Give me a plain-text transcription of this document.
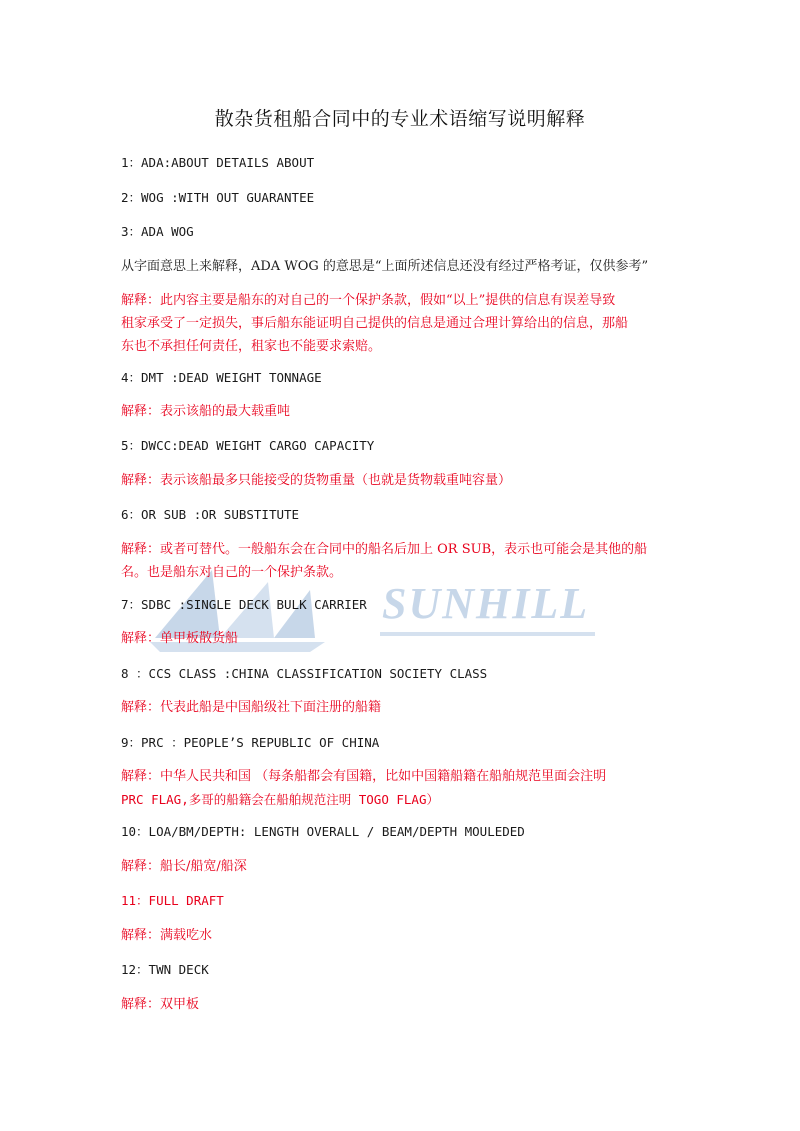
SUNHILL
散杂货租船合同中的专业术语缩写说明解释
1：ADA:ABOUT DETAILS ABOUT
2：WOG :WITH OUT GUARANTEE
3：ADA WOG
从字面意思上来解释，ADA WOG 的意思是“上面所述信息还没有经过严格考证，仅供参考”
解释：此内容主要是船东的对自己的一个保护条款，假如“以上”提供的信息有误差导致
租家承受了一定损失，事后船东能证明自己提供的信息是通过合理计算给出的信息，那船
东也不承担任何责任，租家也不能要求索赔。
4：DMT :DEAD WEIGHT TONNAGE
解释：表示该船的最大载重吨
5：DWCC:DEAD WEIGHT CARGO CAPACITY
解释：表示该船最多只能接受的货物重量（也就是货物载重吨容量）
6：OR SUB :OR SUBSTITUTE
解释：或者可替代。一般船东会在合同中的船名后加上 OR SUB，表示也可能会是其他的船
名。也是船东对自己的一个保护条款。
7：SDBC :SINGLE DECK BULK CARRIER
解释：单甲板散货船
8 ：CCS CLASS :CHINA CLASSIFICATION SOCIETY CLASS
解释：代表此船是中国船级社下面注册的船籍
9：PRC ：PEOPLE’S REPUBLIC OF CHINA
解释：中华人民共和国 （每条船都会有国籍，比如中国籍船籍在船舶规范里面会注明
PRC FLAG,多哥的船籍会在船舶规范注明 TOGO FLAG）
10：LOA/BM/DEPTH: LENGTH OVERALL / BEAM/DEPTH MOULEDED
解释：船长/船宽/船深
11：FULL DRAFT
解释：满载吃水
12：TWN DECK
解释：双甲板
